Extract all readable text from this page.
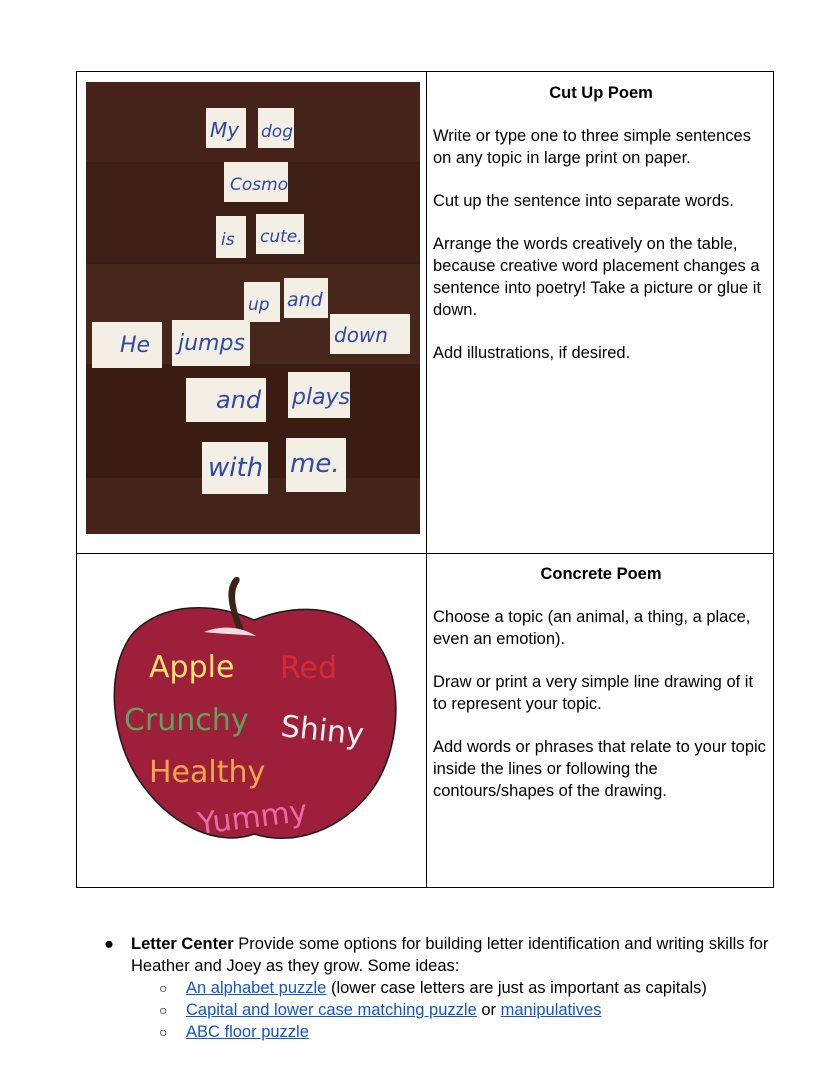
My dog
Cosmo
is cute.
up and
He jumps	down
and plays
with me.
Cut Up Poem

Write or type one to three simple sentences on any topic in large print on paper.

Cut up the sentence into separate words.

Arrange the words creatively on the table, because creative word placement changes a sentence into poetry! Take a picture or glue it down.

Add illustrations, if desired.

Apple Red
Crunchy Shiny
Healthy
Yummy
Concrete Poem

Choose a topic (an animal, a thing, a place, even an emotion).

Draw or print a very simple line drawing of it to represent your topic.

Add words or phrases that relate to your topic inside the lines or following the contours/shapes of the drawing.

● Letter Center Provide some options for building letter identification and writing skills for Heather and Joey as they grow. Some ideas:
○ An alphabet puzzle (lower case letters are just as important as capitals)
○ Capital and lower case matching puzzle or manipulatives
○ ABC floor puzzle
